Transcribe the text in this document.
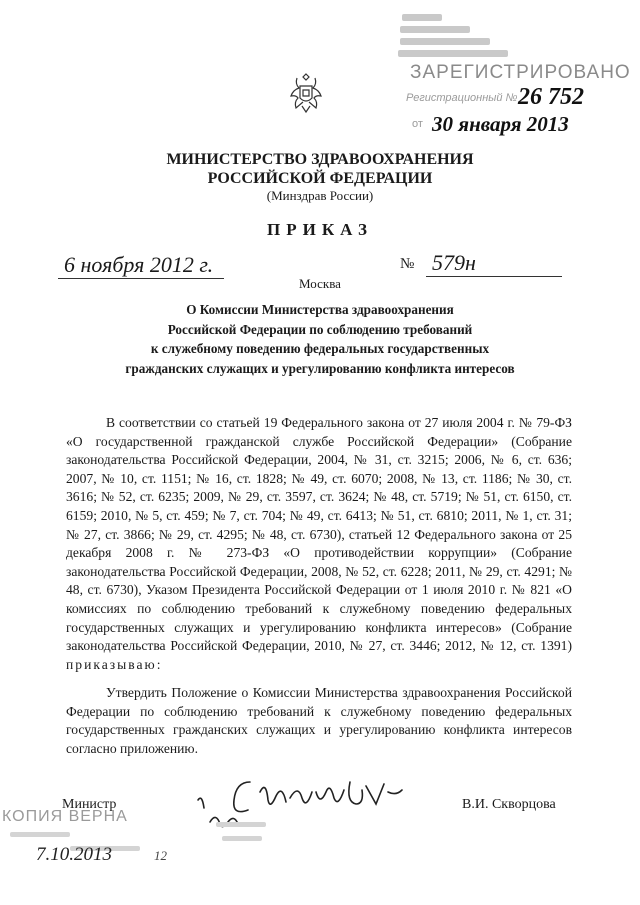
ЗАРЕГИСТРИРОВАНО
Регистрационный № 26 752
от 30 января 2013
МИНИСТЕРСТВО ЗДРАВООХРАНЕНИЯ
РОССИЙСКОЙ ФЕДЕРАЦИИ
(Минздрав России)
ПРИКАЗ
6 ноября 2012 г.
Москва
№ 579н
О Комиссии Министерства здравоохранения
Российской Федерации по соблюдению требований
к служебному поведению федеральных государственных
гражданских служащих и урегулированию конфликта интересов
В соответствии со статьей 19 Федерального закона от 27 июля 2004 г. № 79-ФЗ «О государственной гражданской службе Российской Федерации» (Собрание законодательства Российской Федерации, 2004, № 31, ст. 3215; 2006, № 6, ст. 636; 2007, № 10, ст. 1151; № 16, ст. 1828; № 49, ст. 6070; 2008, № 13, ст. 1186; № 30, ст. 3616; № 52, ст. 6235; 2009, № 29, ст. 3597, ст. 3624; № 48, ст. 5719; № 51, ст. 6150, ст. 6159; 2010, № 5, ст. 459; № 7, ст. 704; № 49, ст. 6413; № 51, ст. 6810; 2011, № 1, ст. 31; № 27, ст. 3866; № 29, ст. 4295; № 48, ст. 6730), статьей 12 Федерального закона от 25 декабря 2008 г. № 273-ФЗ «О противодействии коррупции» (Собрание законодательства Российской Федерации, 2008, № 52, ст. 6228; 2011, № 29, ст. 4291; № 48, ст. 6730), Указом Президента Российской Федерации от 1 июля 2010 г. № 821 «О комиссиях по соблюдению требований к служебному поведению федеральных государственных служащих и урегулированию конфликта интересов» (Собрание законодательства Российской Федерации, 2010, № 27, ст. 3446; 2012, № 12, ст. 1391) приказываю:
Утвердить Положение о Комиссии Министерства здравоохранения Российской Федерации по соблюдению требований к служебному поведению федеральных государственных гражданских служащих и урегулированию конфликта интересов согласно приложению.
Министр	В.И. Скворцова
КОПИЯ ВЕРНА
7.10.2013	12
